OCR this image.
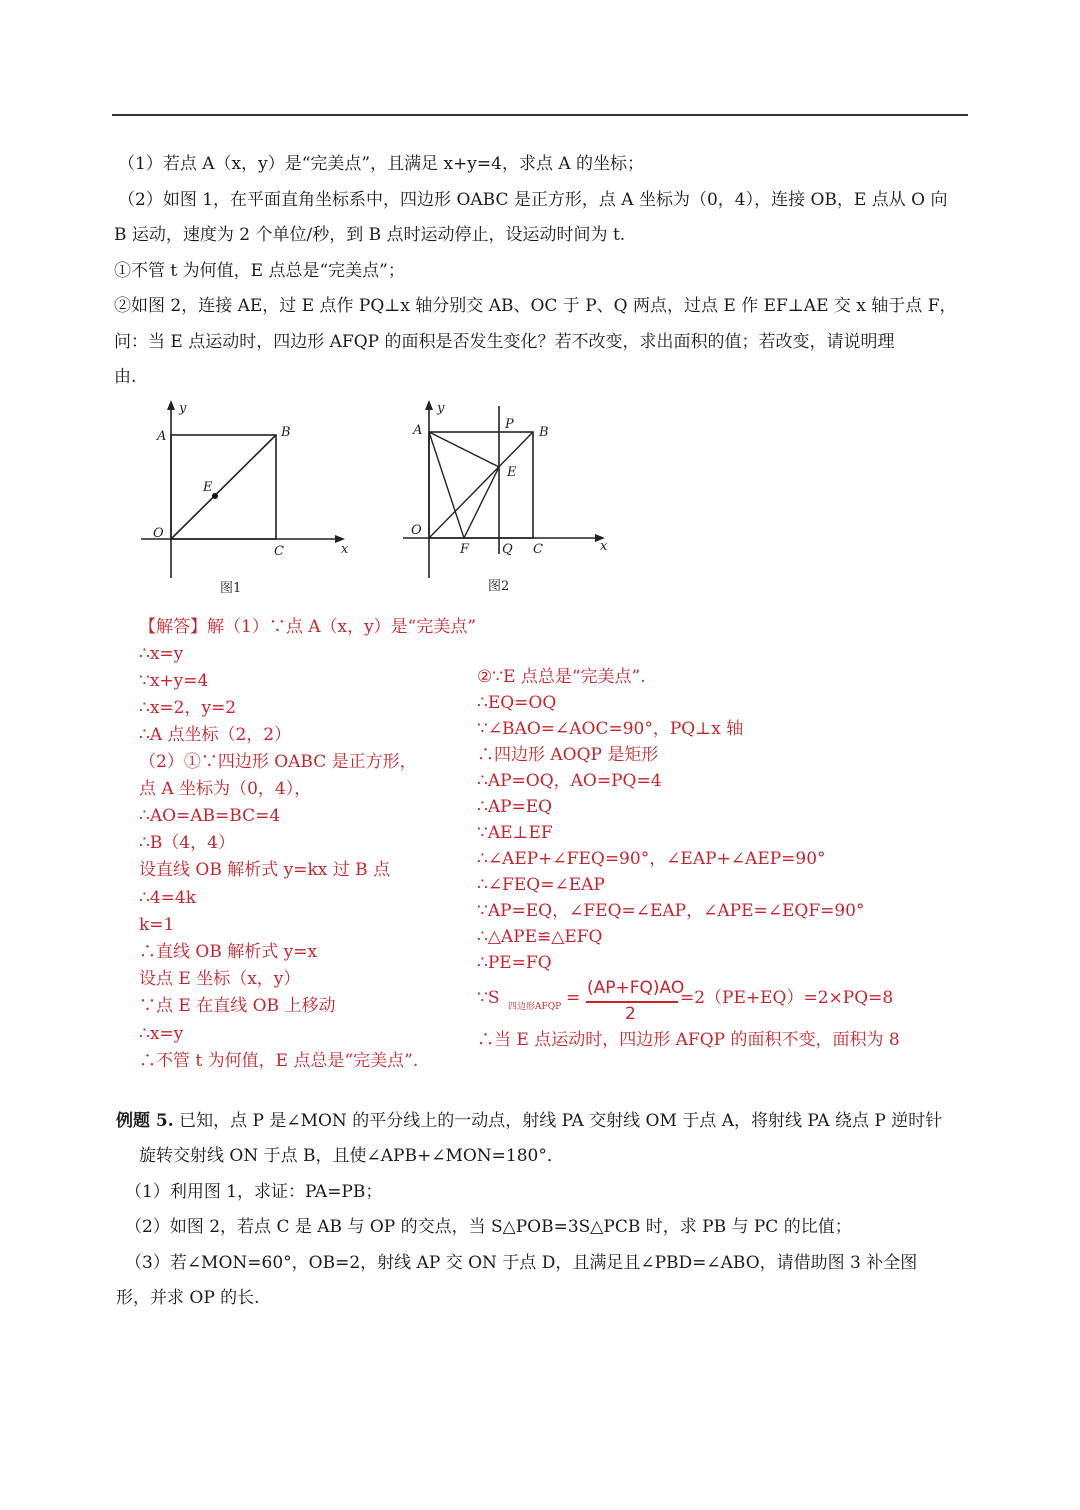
（1）若点 A（x，y）是“完美点”，且满足 x+y=4，求点 A 的坐标；
（2）如图 1，在平面直角坐标系中，四边形 OABC 是正方形，点 A 坐标为（0，4），连接 OB，E 点从 O 向
B 运动，速度为 2 个单位/秒，到 B 点时运动停止，设运动时间为 t.
①不管 t 为何值，E 点总是“完美点”；
②如图 2，连接 AE，过 E 点作 PQ⊥x 轴分别交 AB、OC 于 P、Q 两点，过点 E 作 EF⊥AE 交 x 轴于点 F，
问：当 E 点运动时，四边形 AFQP 的面积是否发生变化？若不改变，求出面积的值；若改变，请说明理
由.
y
A	B
E
O
C	x
图1
y
A	P
B
E
O
F	Q C	x
图2
【解答】解（1）∵点 A（x，y）是“完美点”
∴x=y
∵x+y=4
∴x=2，y=2
∴A 点坐标（2，2）
（2）①∵四边形 OABC 是正方形，
点 A 坐标为（0，4），
∴AO=AB=BC=4
∴B（4，4）
设直线 OB 解析式 y=kx 过 B 点
∴4=4k
k=1
∴直线 OB 解析式 y=x
设点 E 坐标（x，y）
∵点 E 在直线 OB 上移动
∴x=y
∴不管 t 为何值，E 点总是“完美点”.
②∵E 点总是“完美点”.
∴EQ=OQ
∵∠BAO=∠AOC=90°，PQ⊥x 轴
∴四边形 AOQP 是矩形
∴AP=OQ，AO=PQ=4
∴AP=EQ
∵AE⊥EF
∴∠AEP+∠FEQ=90°，∠EAP+∠AEP=90°
∴∠FEQ=∠EAP
∵AP=EQ，∠FEQ=∠EAP，∠APE=∠EQF=90°
∴△APE≌△EFQ
∴PE=FQ
∵S 四边形AFQP = (AP+FQ)AO
2
=2（PE+EQ）=2×PQ=8
∴当 E 点运动时，四边形 AFQP 的面积不变，面积为 8
例题 5. 已知，点 P 是∠MON 的平分线上的一动点，射线 PA 交射线 OM 于点 A，将射线 PA 绕点 P 逆时针
旋转交射线 ON 于点 B，且使∠APB+∠MON=180°．
（1）利用图 1，求证：PA=PB；
（2）如图 2，若点 C 是 AB 与 OP 的交点，当 S△POB=3S△PCB 时，求 PB 与 PC 的比值；
（3）若∠MON=60°，OB=2，射线 AP 交 ON 于点 D，且满足且∠PBD=∠ABO，请借助图 3 补全图
形，并求 OP 的长.
